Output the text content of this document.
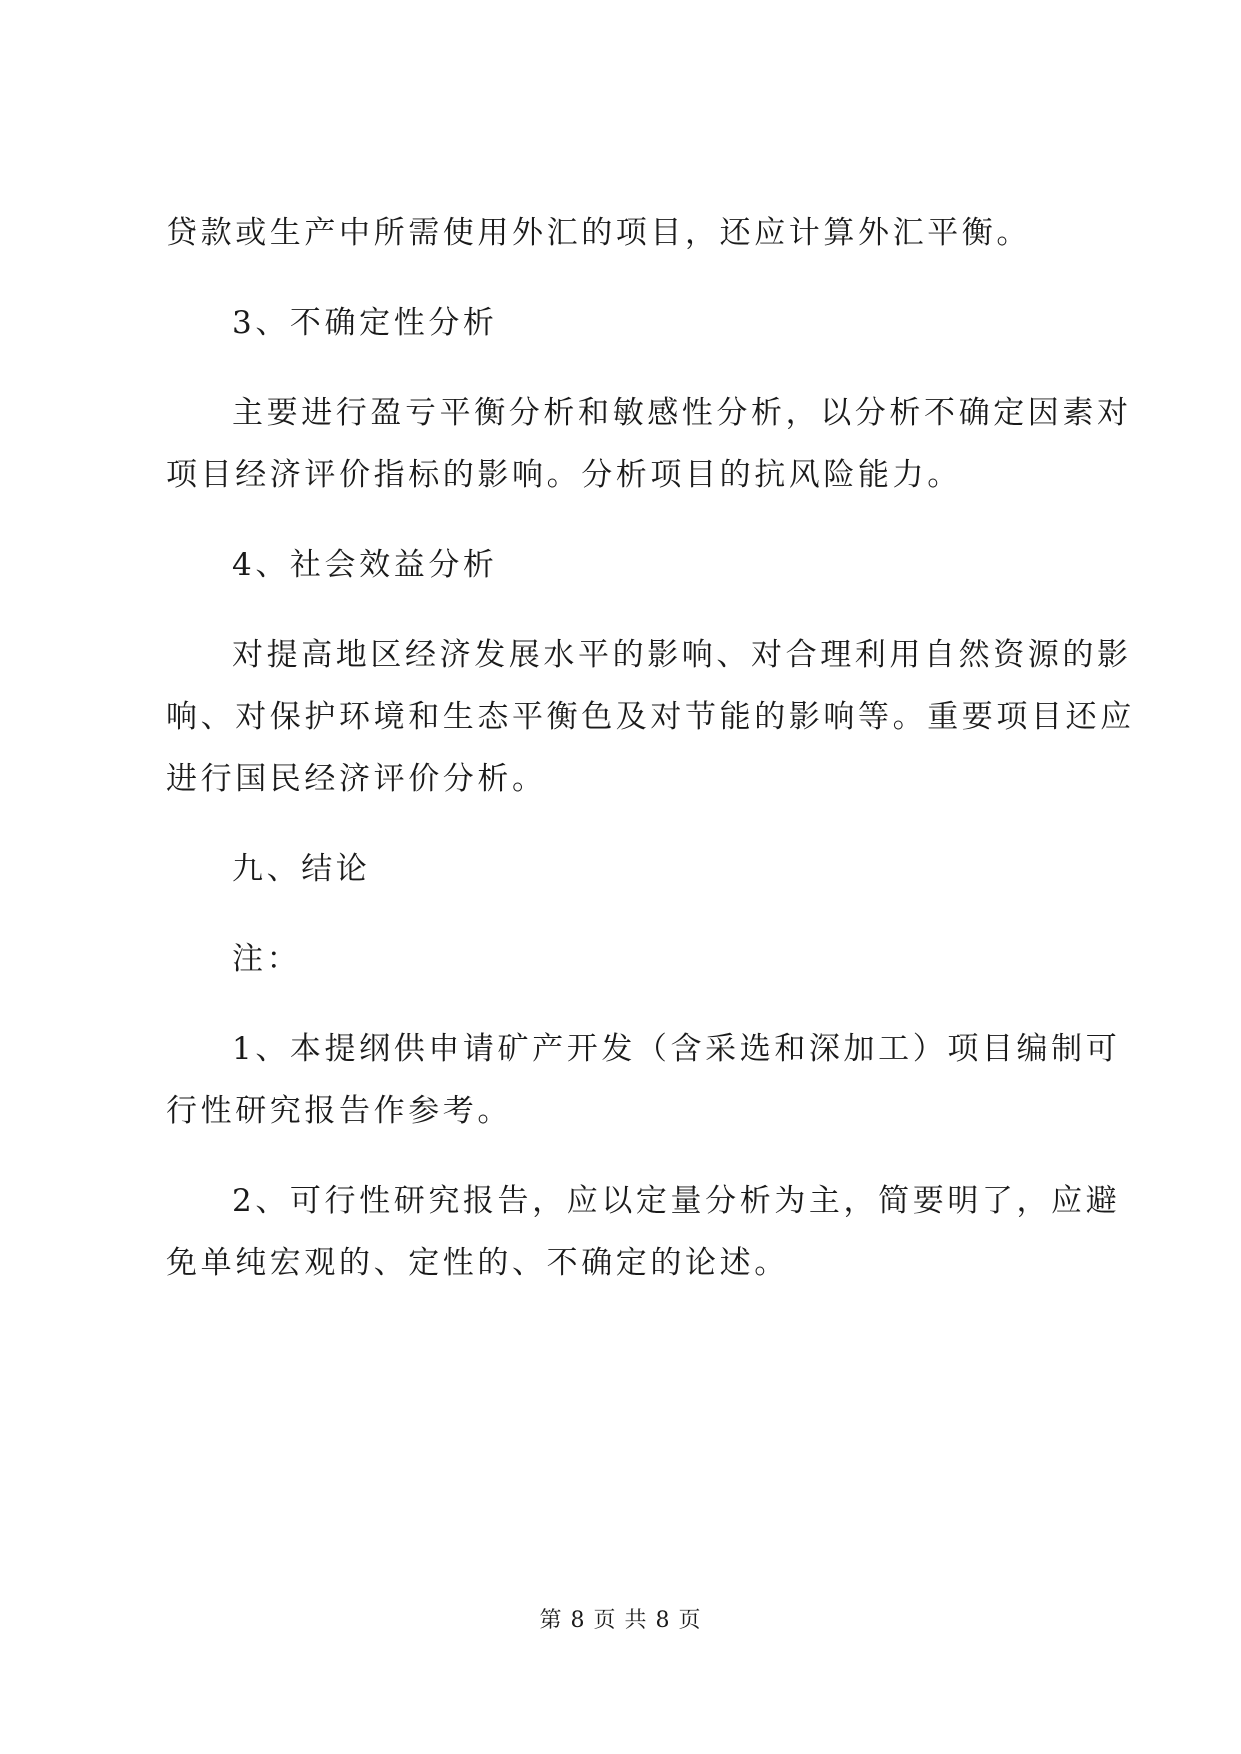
贷款或生产中所需使用外汇的项目，还应计算外汇平衡。
3、不确定性分析
主要进行盈亏平衡分析和敏感性分析，以分析不确定因素对
项目经济评价指标的影响。分析项目的抗风险能力。
4、社会效益分析
对提高地区经济发展水平的影响、对合理利用自然资源的影
响、对保护环境和生态平衡色及对节能的影响等。重要项目还应
进行国民经济评价分析。
九、结论
注：
1、本提纲供申请矿产开发（含采选和深加工）项目编制可
行性研究报告作参考。
2、可行性研究报告，应以定量分析为主，简要明了，应避
免单纯宏观的、定性的、不确定的论述。
第 8 页 共 8 页
